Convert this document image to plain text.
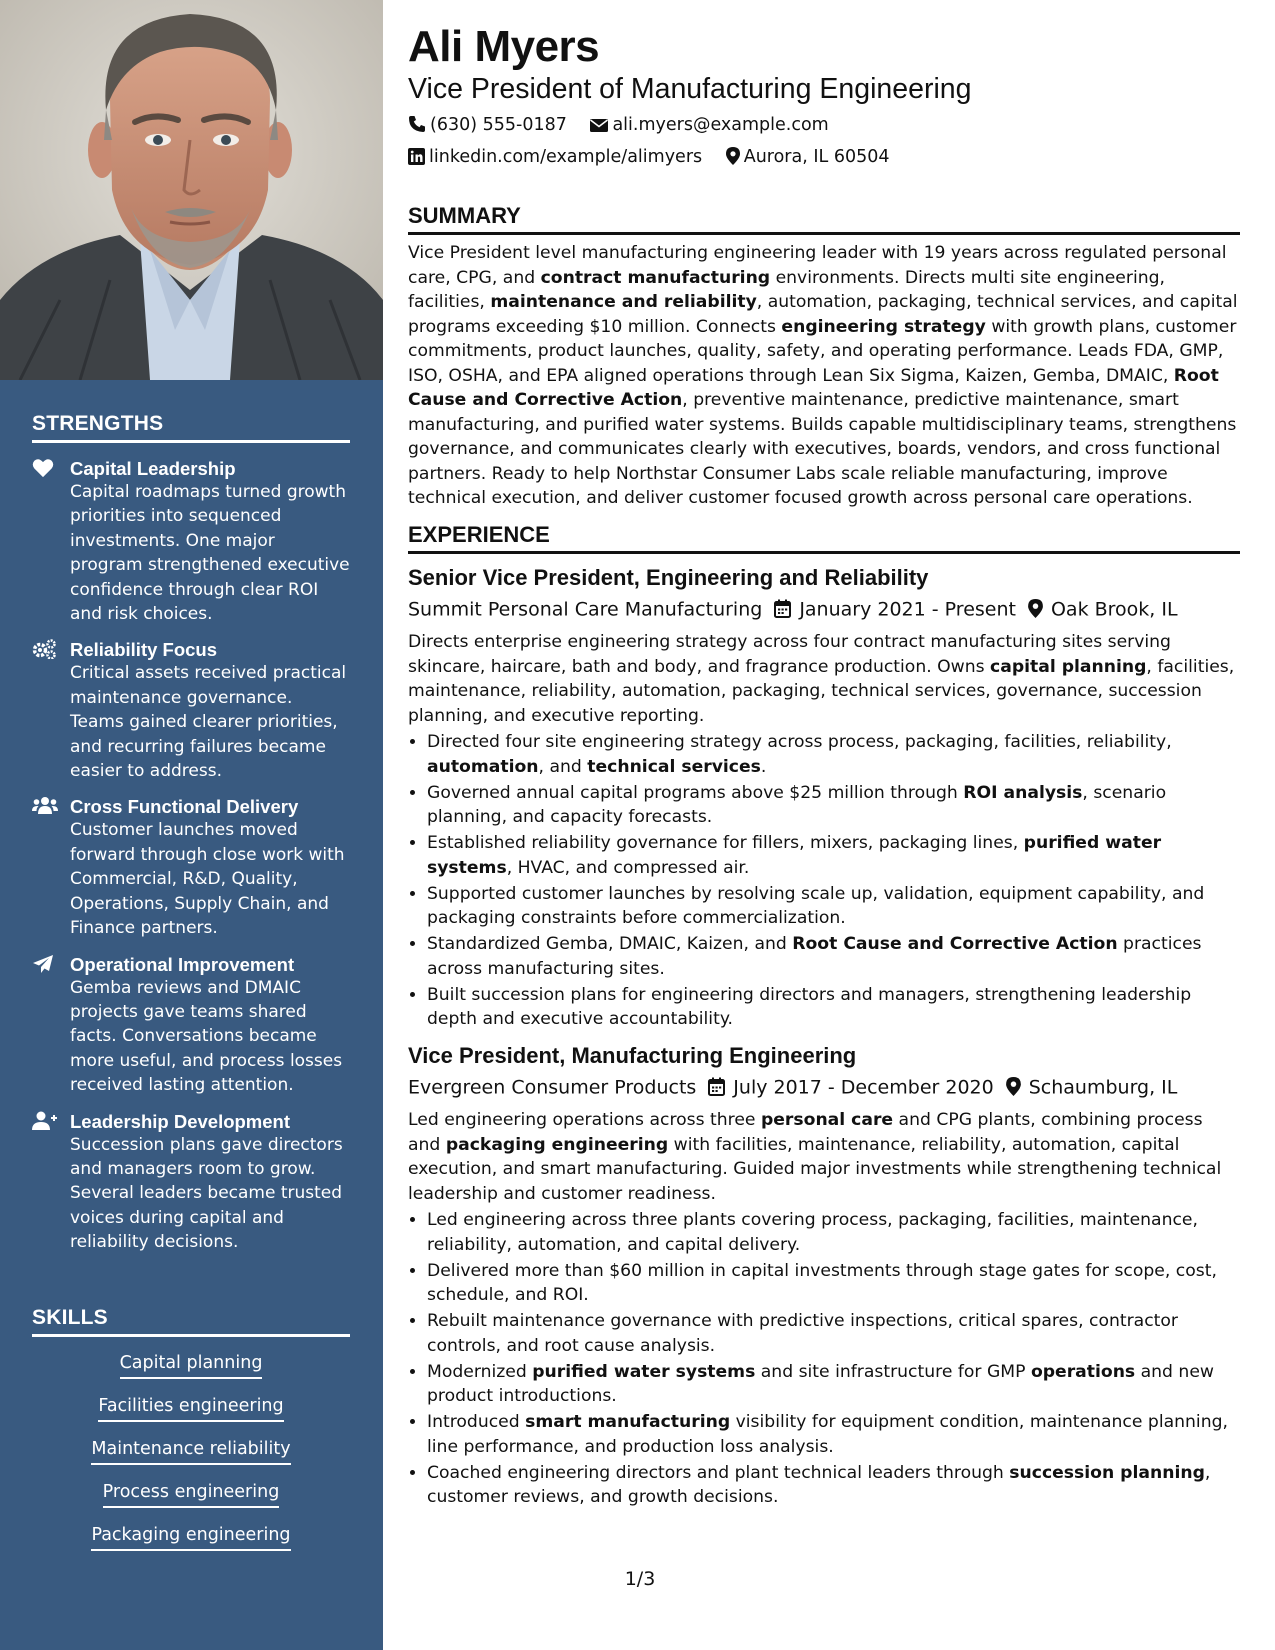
STRENGTHS
Capital Leadership
Capital roadmaps turned growth priorities into sequenced investments. One major program strengthened executive confidence through clear ROI and risk choices.
Reliability Focus
Critical assets received practical maintenance governance. Teams gained clearer priorities, and recurring failures became easier to address.
Cross Functional Delivery
Customer launches moved forward through close work with Commercial, R&D, Quality, Operations, Supply Chain, and Finance partners.
Operational Improvement
Gemba reviews and DMAIC projects gave teams shared facts. Conversations became more useful, and process losses received lasting attention.
Leadership Development
Succession plans gave directors and managers room to grow. Several leaders became trusted voices during capital and reliability decisions.
SKILLS
Capital planning
Facilities engineering
Maintenance reliability
Process engineering
Packaging engineering
Ali Myers
Vice President of Manufacturing Engineering
(630) 555-0187	ali.myers@example.com
linkedin.com/example/alimyers Aurora, IL 60504
SUMMARY

Vice President level manufacturing engineering leader with 19 years across regulated personal care, CPG, and contract manufacturing environments. Directs multi site engineering, facilities, maintenance and reliability, automation, packaging, technical services, and capital programs exceeding $10 million. Connects engineering strategy with growth plans, customer commitments, product launches, quality, safety, and operating performance. Leads FDA, GMP, ISO, OSHA, and EPA aligned operations through Lean Six Sigma, Kaizen, Gemba, DMAIC, Root Cause and Corrective Action, preventive maintenance, predictive maintenance, smart manufacturing, and purified water systems. Builds capable multidisciplinary teams, strengthens governance, and communicates clearly with executives, boards, vendors, and cross functional partners. Ready to help Northstar Consumer Labs scale reliable manufacturing, improve technical execution, and deliver customer focused growth across personal care operations.

EXPERIENCE
Senior Vice President, Engineering and Reliability
Summit Personal Care Manufacturing January 2021 - Present Oak Brook, IL

Directs enterprise engineering strategy across four contract manufacturing sites serving skincare, haircare, bath and body, and fragrance production. Owns capital planning, facilities, maintenance, reliability, automation, packaging, technical services, governance, succession planning, and executive reporting.

• Directed four site engineering strategy across process, packaging, facilities, reliability, automation, and technical services.
• Governed annual capital programs above $25 million through ROI analysis, scenario planning, and capacity forecasts.
• Established reliability governance for fillers, mixers, packaging lines, purified water systems, HVAC, and compressed air.
• Supported customer launches by resolving scale up, validation, equipment capability, and packaging constraints before commercialization.
• Standardized Gemba, DMAIC, Kaizen, and Root Cause and Corrective Action practices across manufacturing sites.
• Built succession plans for engineering directors and managers, strengthening leadership depth and executive accountability.
Vice President, Manufacturing Engineering
Evergreen Consumer Products July 2017 - December 2020 Schaumburg, IL

Led engineering operations across three personal care and CPG plants, combining process and packaging engineering with facilities, maintenance, reliability, automation, capital execution, and smart manufacturing. Guided major investments while strengthening technical leadership and customer readiness.

• Led engineering across three plants covering process, packaging, facilities, maintenance, reliability, automation, and capital delivery.
• Delivered more than $60 million in capital investments through stage gates for scope, cost, schedule, and ROI.
• Rebuilt maintenance governance with predictive inspections, critical spares, contractor controls, and root cause analysis.
• Modernized purified water systems and site infrastructure for GMP operations and new product introductions.
• Introduced smart manufacturing visibility for equipment condition, maintenance planning, line performance, and production loss analysis.
• Coached engineering directors and plant technical leaders through succession planning, customer reviews, and growth decisions.
1/3
